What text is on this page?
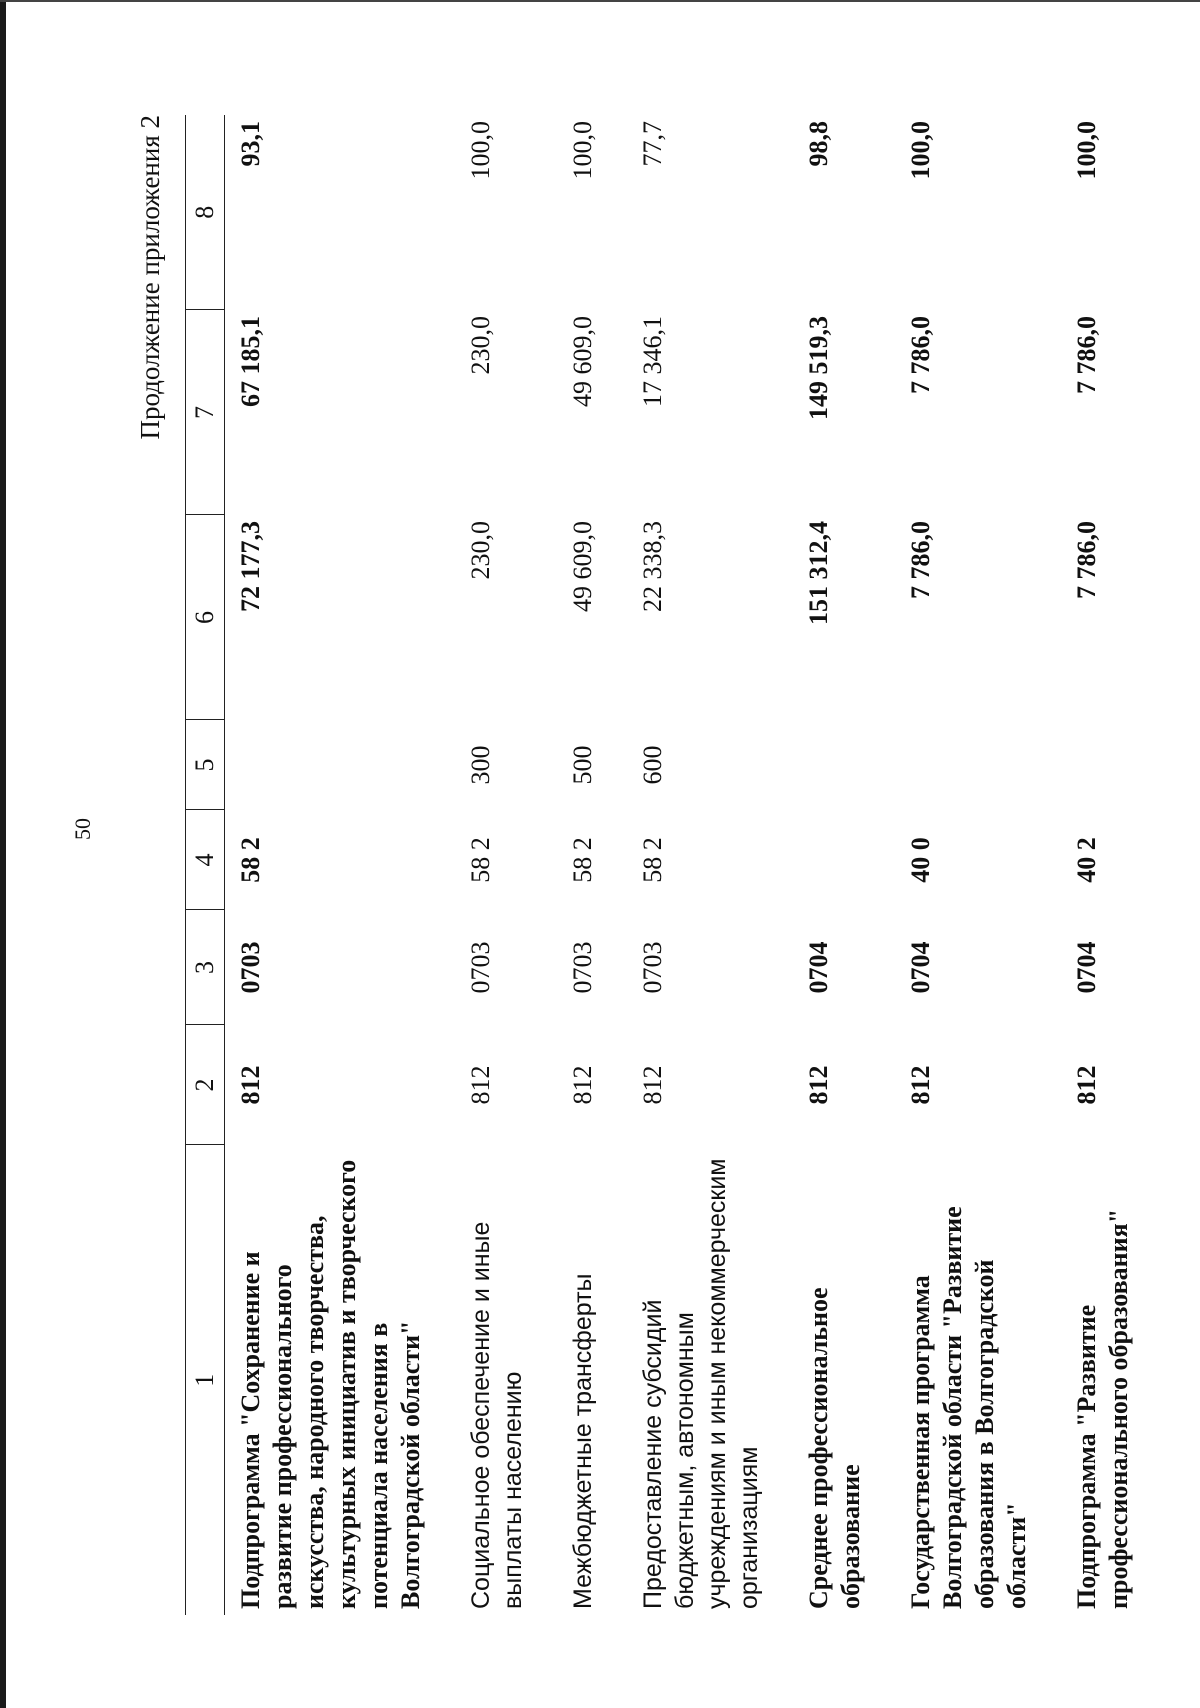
50
Продолжение приложения 2
1	2	3	4	5	6	7	8
Подпрограмма "Сохранение и развитие профессионального искусства, народного творчества, культурных инициатив и творческого потенциала населения в Волгоградской области"	812	0703	58 2		72 177,3	67 185,1	93,1
Социальное обеспечение и иные выплаты населению	812	0703	58 2	300	230,0	230,0	100,0
Межбюджетные трансферты	812	0703	58 2	500	49 609,0	49 609,0	100,0
Предоставление субсидий бюджетным, автономным учреждениям и иным некоммерческим организациям	812	0703	58 2	600	22 338,3	17 346,1	77,7
Среднее профессиональное образование	812	0704			151 312,4	149 519,3	98,8
Государственная программа Волгоградской области "Развитие образования в Волгоградской области"	812	0704	40 0		7 786,0	7 786,0	100,0
Подпрограмма "Развитие профессионального образования"	812	0704	40 2		7 786,0	7 786,0	100,0
